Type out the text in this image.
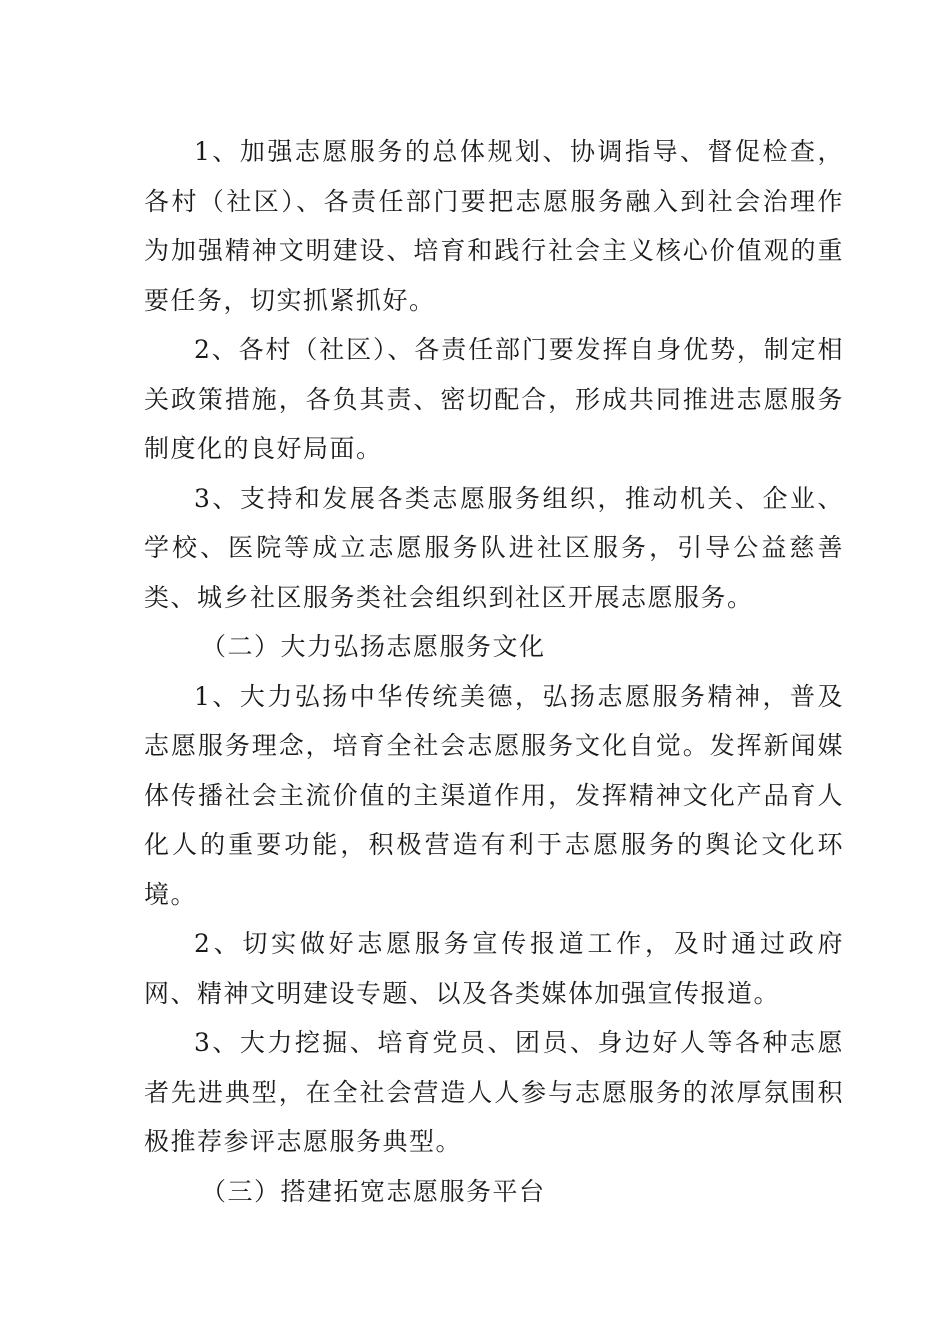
1、加强志愿服务的总体规划、协调指导、督促检查，各村（社区）、各责任部门要把志愿服务融入到社会治理作为加强精神文明建设、培育和践行社会主义核心价值观的重要任务，切实抓紧抓好。

2、各村（社区）、各责任部门要发挥自身优势，制定相关政策措施，各负其责、密切配合，形成共同推进志愿服务制度化的良好局面。

3、支持和发展各类志愿服务组织，推动机关、企业、学校、医院等成立志愿服务队进社区服务，引导公益慈善类、城乡社区服务类社会组织到社区开展志愿服务。

（二）大力弘扬志愿服务文化

1、大力弘扬中华传统美德，弘扬志愿服务精神，普及志愿服务理念，培育全社会志愿服务文化自觉。发挥新闻媒体传播社会主流价值的主渠道作用，发挥精神文化产品育人化人的重要功能，积极营造有利于志愿服务的舆论文化环境。

2、切实做好志愿服务宣传报道工作，及时通过政府网、精神文明建设专题、以及各类媒体加强宣传报道。

3、大力挖掘、培育党员、团员、身边好人等各种志愿者先进典型，在全社会营造人人参与志愿服务的浓厚氛围积极推荐参评志愿服务典型。

（三）搭建拓宽志愿服务平台
